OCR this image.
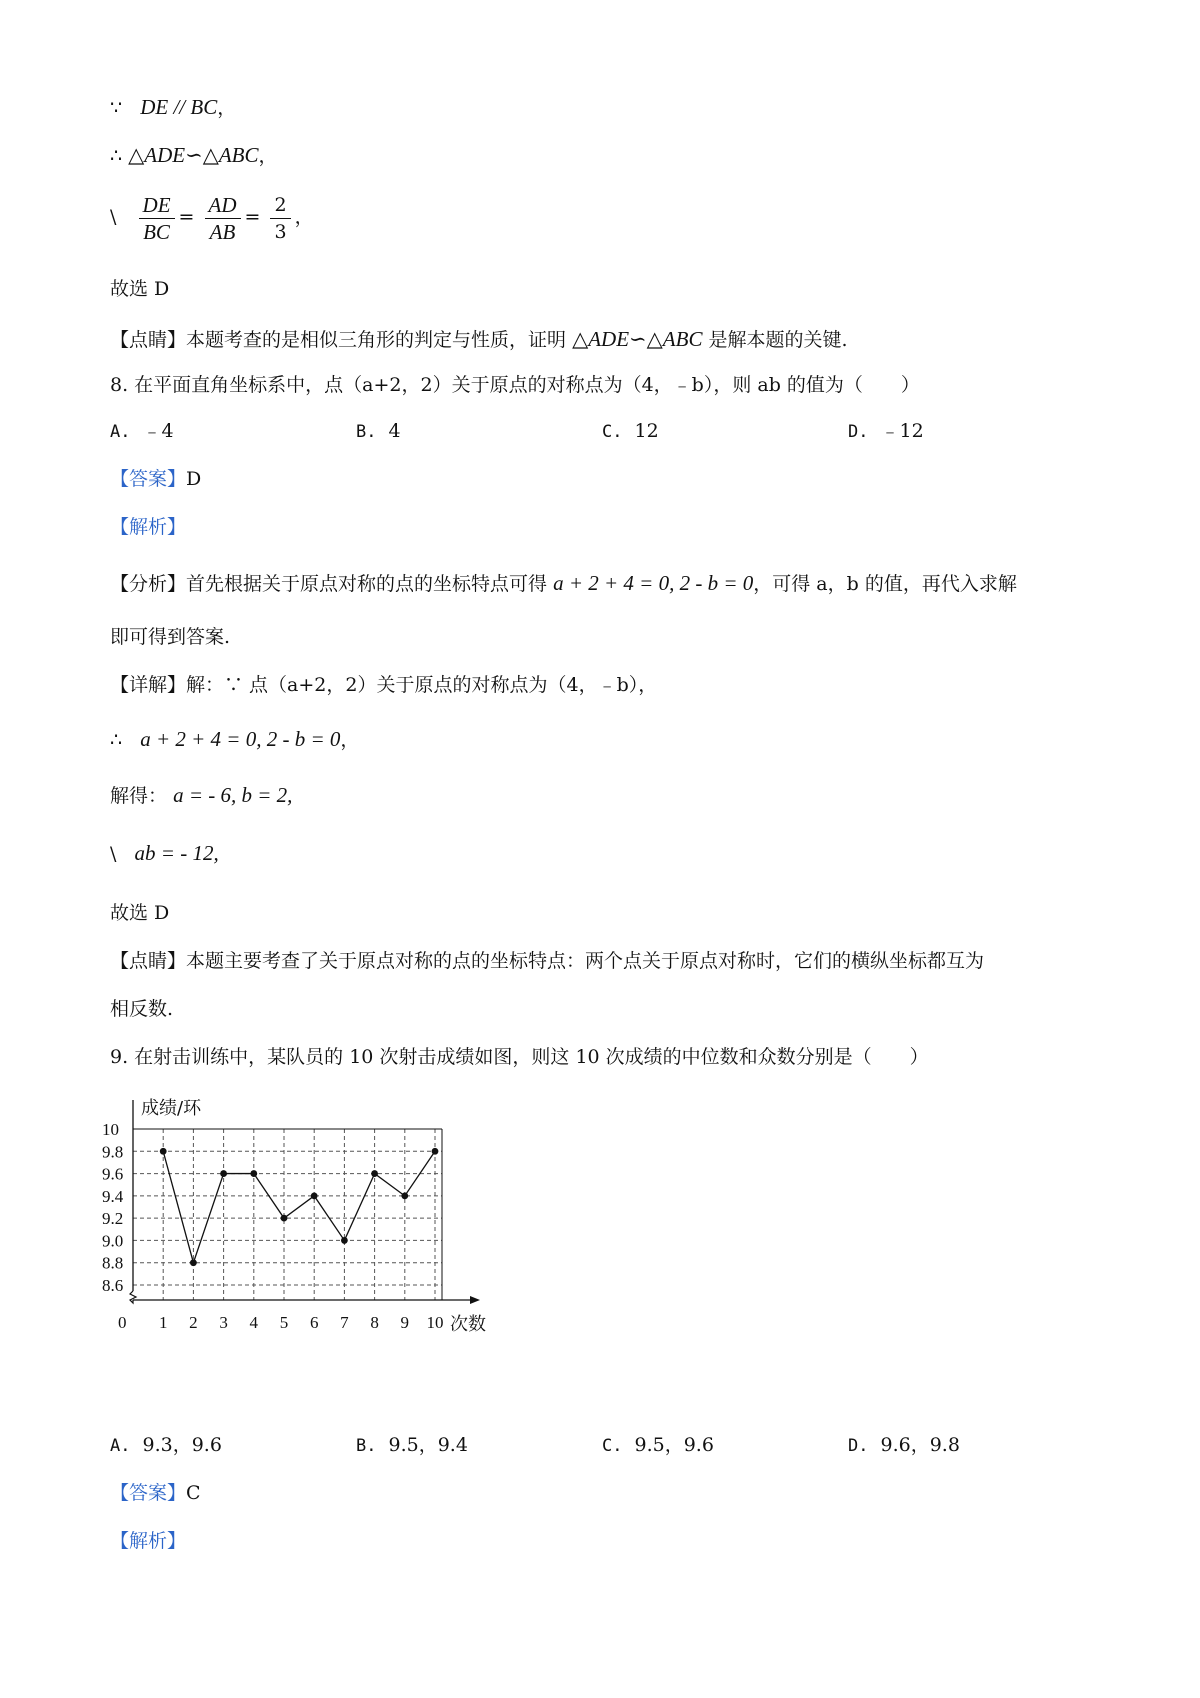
∵ DE // BC，
∴ △ADE∽△ABC，
\ $\frac{DE}{BC} = \frac{AD}{AB} = \frac{2}{3}$ ，
故选 D
【点睛】本题考查的是相似三角形的判定与性质，证明 △ADE∽△ABC 是解本题的关键.
8. 在平面直角坐标系中，点（a+2，2）关于原点的对称点为（4，﹣b），则 ab 的值为（　　）
A. ﹣4	B. 4	C. 12	D. ﹣12
【答案】D
【解析】
【分析】首先根据关于原点对称的点的坐标特点可得 a + 2 + 4 = 0, 2 - b = 0，可得 a，b 的值，再代入求解
即可得到答案.
【详解】解：∵ 点（a+2，2）关于原点的对称点为（4，﹣b），
∴ a + 2 + 4 = 0, 2 - b = 0，
解得： a = - 6, b = 2,
\ ab = - 12,
故选 D
【点睛】本题主要考查了关于原点对称的点的坐标特点：两个点关于原点对称时，它们的横纵坐标都互为
相反数.
9. 在射击训练中，某队员的 10 次射击成绩如图，则这 10 次成绩的中位数和众数分别是（　　）
8.6
8.8
9.0
9.2
9.4
9.6
9.8
10
1 2 3 4 5 6 7 8 9 10
0
成绩/环
次数
A. 9.3，9.6	B. 9.5，9.4	C. 9.5，9.6	D. 9.6，9.8
【答案】C
【解析】
